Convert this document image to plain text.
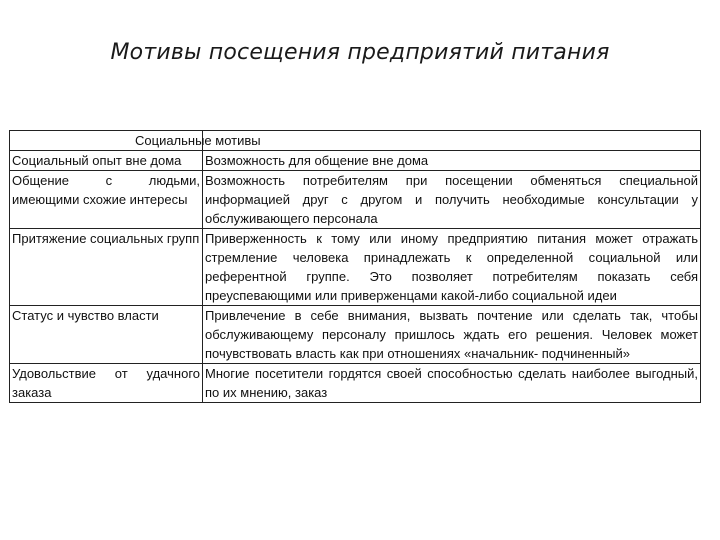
Мотивы посещения предприятий питания
	Социальные мотивы
Социальный опыт вне дома	Возможность для общение вне дома
Общение с людьми, имеющими схожие интересы	Возможность потребителям при посещении обменяться специальной информацией друг с другом и получить необходимые консультации у обслуживающего персонала
Притяжение социальных групп	Приверженность к тому или иному предприятию питания может отражать стремление человека принадлежать к определенной социальной или референтной группе. Это позволяет потребителям показать себя преуспевающими или приверженцами какой-либо социальной идеи
Статус и чувство власти	Привлечение в себе внимания, вызвать почтение или сделать так, чтобы обслуживающему персоналу пришлось ждать его решения. Человек может почувствовать власть как при отношениях «начальник- подчиненный»
Удовольствие от удачного заказа	Многие посетители гордятся своей способностью сделать наиболее выгодный, по их мнению, заказ
